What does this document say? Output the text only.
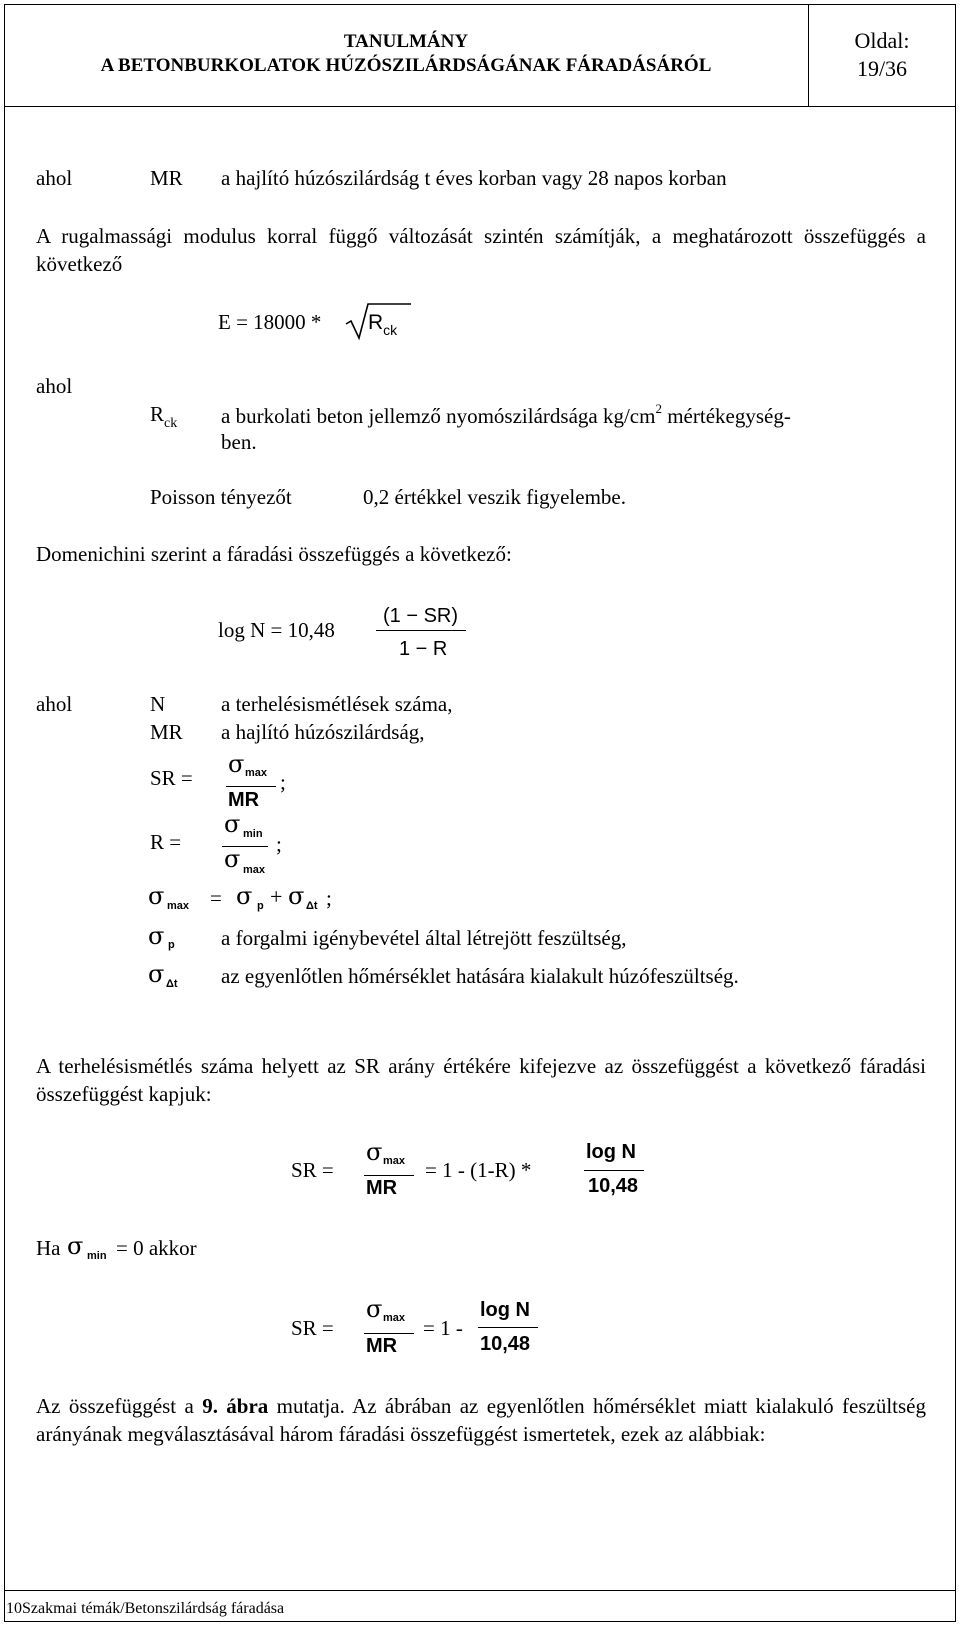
TANULMÁNY
A BETONBURKOLATOK HÚZÓSZILÁRDSÁGÁNAK FÁRADÁSÁRÓL
Oldal:
19/36
ahol	MR a hajlító húzószilárdság t éves korban vagy 28 napos korban
A rugalmassági modulus korral függő változását szintén számítják, a meghatározott összefüggés a következő
$E = 18000 * R_{ck}$
ahol
$R_{ck}$ a burkolati beton jellemző nyomószilárdsága $kg/cm^2$ mértékegység-
ben.
Poisson tényezőt	0,2 értékkel veszik figyelembe.
Domenichini szerint a fáradási összefüggés a következő:
log N = 10,48
(1 − SR)
1 − R
ahol	N	a terhelésismétlések száma,
MR a hajlító húzószilárdság,
SR = σ max
MR
;
R =
σ min
σ max
;
σ max = σ p + σ Δt ;
σ p a forgalmi igénybevétel által létrejött feszültség,
σ Δt az egyenlőtlen hőmérséklet hatására kialakult húzófeszültség.
A terhelésismétlés száma helyett az SR arány értékére kifejezve az összefüggést a következő fáradási összefüggést kapjuk:
SR =
σ max
MR
= 1 - (1-R) *
log N
10,48
Ha σ min = 0 akkor
SR =
σ max
MR
= 1 -
log N
10,48
Az összefüggést a 9. ábra mutatja. Az ábrában az egyenlőtlen hőmérséklet miatt kialakuló feszültség arányának megválasztásával három fáradási összefüggést ismertetek, ezek az alábbiak:
10Szakmai témák/Betonszilárdság fáradása
